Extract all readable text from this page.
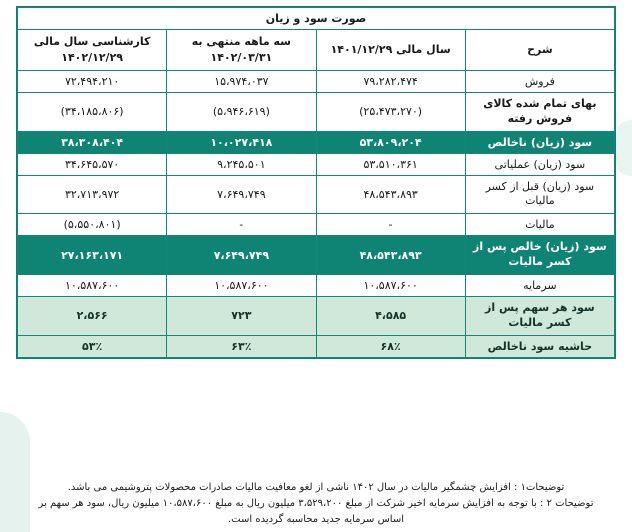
صورت سود و زیان			
شرح	سال مالی ۱۴۰۱/۱۲/۲۹	سه ماهه منتهی به ۱۴۰۲/۰۳/۳۱	کارشناسی سال مالی ۱۴۰۲/۱۲/۲۹
فروش	۷۹،۲۸۲،۴۷۴	۱۵،۹۷۴،۰۳۷	۷۲،۴۹۴،۲۱۰
بهای تمام شده کالای فروش رفته	(۲۵،۴۷۳،۲۷۰)	(۵،۹۴۶،۶۱۹)	(۳۴،۱۸۵،۸۰۶)
سود (زیان) ناخالص	۵۳،۸۰۹،۲۰۴	۱۰،۰۲۷،۴۱۸	۳۸،۳۰۸،۴۰۴
سود (زیان) عملیاتی	۵۳،۵۱۰،۳۶۱	۹،۲۴۵،۵۰۱	۳۴،۶۴۵،۵۷۰
سود (زیان) قبل از کسر مالیات	۴۸،۵۴۳،۸۹۳	۷،۶۴۹،۷۴۹	۳۲،۷۱۳،۹۷۲
مالیات	-	-	(۵،۵۵۰،۸۰۱)
سود (زیان) خالص پس از کسر مالیات	۴۸،۵۴۳،۸۹۳	۷،۶۴۹،۷۴۹	۲۷،۱۶۳،۱۷۱
سرمایه	۱۰،۵۸۷،۶۰۰	۱۰،۵۸۷،۶۰۰	۱۰،۵۸۷،۶۰۰
سود هر سهم پس از کسر مالیات	۴،۵۸۵	۷۲۳	۲،۵۶۶
حاشیه سود ناخالص	۶۸٪	۶۳٪	۵۳٪
توضیحات۱ : افزایش چشمگیر مالیات در سال ۱۴۰۲ ناشی از لغو معافیت مالیات صادرات محصولات پتروشیمی می باشد.
توضیحات ۲ : با توجه به افزایش سرمایه اخیر شرکت از مبلغ ۳،۵۲۹،۲۰۰ میلیون ریال به مبلغ ۱۰،۵۸۷،۶۰۰ میلیون ریال، سود هر سهم بر
اساس سرمایه جدید محاسبه گردیده است.
